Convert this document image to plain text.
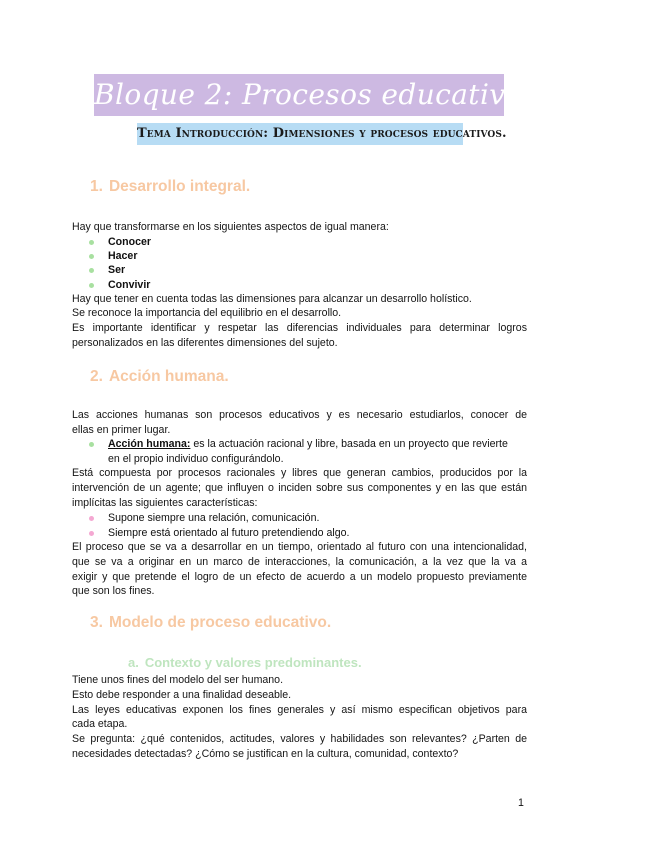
Bloque 2: Procesos educativos básicos.
Tema Introducción: Dimensiones y procesos educativos.
1. Desarrollo integral.

Hay que transformarse en los siguientes aspectos de igual manera:

Conocer
Hacer
Ser
Convivir

Hay que tener en cuenta todas las dimensiones para alcanzar un desarrollo holístico.

Se reconoce la importancia del equilibrio en el desarrollo.

Es importante identificar y respetar las diferencias individuales para determinar logros

personalizados en las diferentes dimensiones del sujeto.

2. Acción humana.

Las acciones humanas son procesos educativos y es necesario estudiarlos, conocer de

ellas en primer lugar.

Acción humana: es la actuación racional y libre, basada en un proyecto que revierte

en el propio individuo configurándolo.

Está compuesta por procesos racionales y libres que generan cambios, producidos por la

intervención de un agente; que influyen o inciden sobre sus componentes y en las que están

implícitas las siguientes características:

Supone siempre una relación, comunicación.
Siempre está orientado al futuro pretendiendo algo.

El proceso que se va a desarrollar en un tiempo, orientado al futuro con una intencionalidad,

que se va a originar en un marco de interacciones, la comunicación, a la vez que la va a

exigir y que pretende el logro de un efecto de acuerdo a un modelo propuesto previamente

que son los fines.

3. Modelo de proceso educativo.
a. Contexto y valores predominantes.

Tiene unos fines del modelo del ser humano.

Esto debe responder a una finalidad deseable.

Las leyes educativas exponen los fines generales y así mismo especifican objetivos para

cada etapa.

Se pregunta: ¿qué contenidos, actitudes, valores y habilidades son relevantes? ¿Parten de

necesidades detectadas? ¿Cómo se justifican en la cultura, comunidad, contexto?

1
